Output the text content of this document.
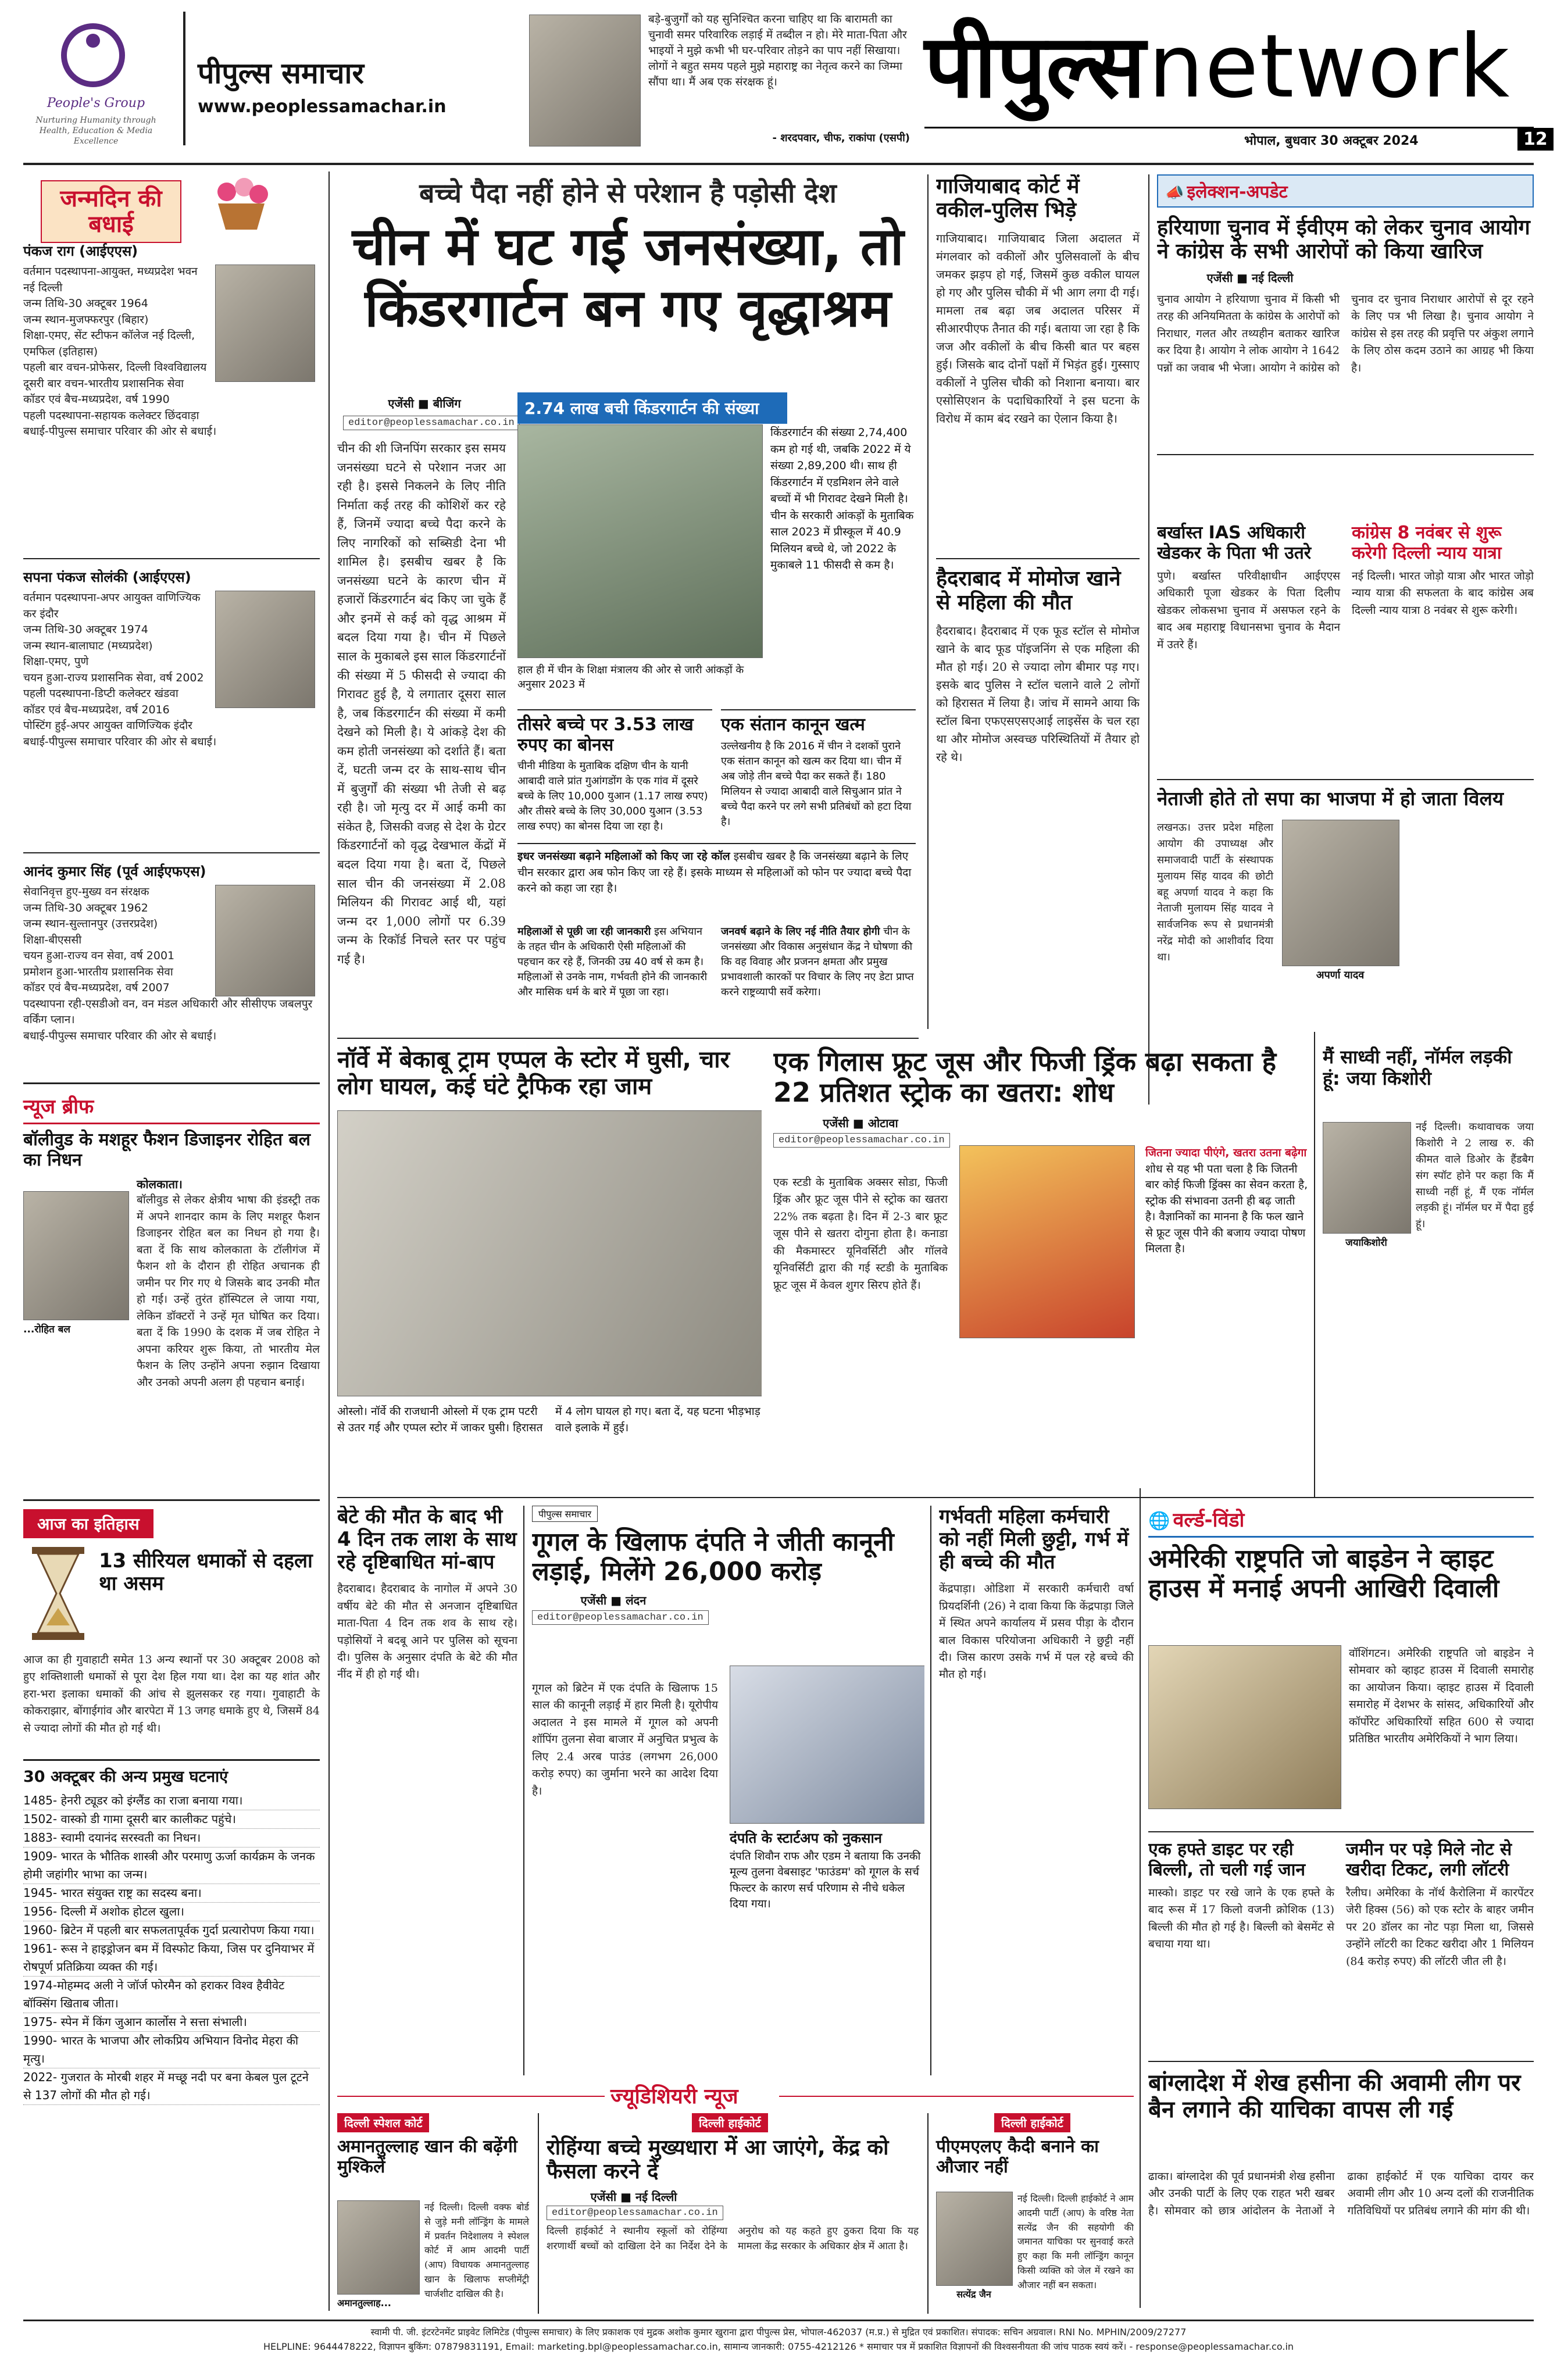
People's Group
Nurturing Humanity through Health, Education & Media Excellence
पीपुल्स समाचार
www.peoplessamachar.in
बड़े-बुजुर्गों को यह सुनिश्चित करना चाहिए था कि बारामती का चुनावी समर परिवारिक लड़ाई में तब्दील न हो। मेरे माता-पिता और भाइयों ने मुझे कभी भी घर-परिवार तोड़ने का पाप नहीं सिखाया। लोगों ने बहुत समय पहले मुझे महाराष्ट्र का नेतृत्व करने का जिम्मा सौंपा था। मैं अब एक संरक्षक हूं।
- शरदपवार, चीफ, राकांपा (एसपी)
पीपुल्स network
भोपाल, बुधवार 30 अक्टूबर 2024	12
जन्मदिन की बधाई
पंकज राग (आईएएस)
वर्तमान पदस्थापना-आयुक्त, मध्यप्रदेश भवन नई दिल्ली
जन्म तिथि-30 अक्टूबर 1964
जन्म स्थान-मुजफ्फरपुर (बिहार)
शिक्षा-एमए, सेंट स्टीफन कॉलेज नई दिल्ली, एमफिल (इतिहास)
पहली बार वचन-प्रोफेसर, दिल्ली विश्वविद्यालय
दूसरी बार वचन-भारतीय प्रशासनिक सेवा
कॉडर एवं बैच-मध्यप्रदेश, वर्ष 1990
पहली पदस्थापना-सहायक कलेक्टर छिंदवाड़ा
बधाई-पीपुल्स समाचार परिवार की ओर से बधाई।
सपना पंकज सोलंकी (आईएएस)
वर्तमान पदस्थापना-अपर आयुक्त वाणिज्यिक कर इंदौर
जन्म तिथि-30 अक्टूबर 1974
जन्म स्थान-बालाघाट (मध्यप्रदेश)
शिक्षा-एमए, पुणे
चयन हुआ-राज्य प्रशासनिक सेवा, वर्ष 2002
पहली पदस्थापना-डिप्टी कलेक्टर खंडवा
कॉडर एवं बैच-मध्यप्रदेश, वर्ष 2016
पोस्टिंग हुई-अपर आयुक्त वाणिज्यिक इंदौर
बधाई-पीपुल्स समाचार परिवार की ओर से बधाई।
आनंद कुमार सिंह (पूर्व आईएफएस)
सेवानिवृत्त हुए-मुख्य वन संरक्षक
जन्म तिथि-30 अक्टूबर 1962
जन्म स्थान-सुल्तानपुर (उत्तरप्रदेश)
शिक्षा-बीएससी
चयन हुआ-राज्य वन सेवा, वर्ष 2001
प्रमोशन हुआ-भारतीय प्रशासनिक सेवा
कॉडर एवं बैच-मध्यप्रदेश, वर्ष 2007
पदस्थापना रही-एसडीओ वन, वन मंडल अधिकारी और सीसीएफ जबलपुर वर्किंग प्लान।
बधाई-पीपुल्स समाचार परिवार की ओर से बधाई।
न्यूज ब्रीफ
बॉलीवुड के मशहूर फैशन डिजाइनर रोहित बल का निधन
...रोहित बल
कोलकाता।
बॉलीवुड से लेकर क्षेत्रीय भाषा की इंडस्ट्री तक में अपने शानदार काम के लिए मशहूर फैशन डिजाइनर रोहित बल का निधन हो गया है। बता दें कि साथ कोलकाता के टॉलीगंज में फैशन शो के दौरान ही रोहित अचानक ही जमीन पर गिर गए थे जिसके बाद उनकी मौत हो गई। उन्हें तुरंत हॉस्पिटल ले जाया गया, लेकिन डॉक्टरों ने उन्हें मृत घोषित कर दिया। बता दें कि 1990 के दशक में जब रोहित ने अपना करियर शुरू किया, तो भारतीय मेल फैशन के लिए उन्होंने अपना रुझान दिखाया और उनको अपनी अलग ही पहचान बनाई।
आज का इतिहास
13 सीरियल धमाकों से दहला था असम
आज का ही गुवाहाटी समेत 13 अन्य स्थानों पर 30 अक्टूबर 2008 को हुए शक्तिशाली धमाकों से पूरा देश हिल गया था। देश का यह शांत और हरा-भरा इलाका धमाकों की आंच से झुलसकर रह गया। गुवाहाटी के कोकराझार, बोंगाईगांव और बारपेटा में 13 जगह धमाके हुए थे, जिसमें 84 से ज्यादा लोगों की मौत हो गई थी।
30 अक्टूबर की अन्य प्रमुख घटनाएं
1485- हेनरी ट्यूडर को इंग्लैंड का राजा बनाया गया।
1502- वास्को डी गामा दूसरी बार कालीकट पहुंचे।
1883- स्वामी दयानंद सरस्वती का निधन।
1909- भारत के भौतिक शास्त्री और परमाणु ऊर्जा कार्यक्रम के जनक होमी जहांगीर भाभा का जन्म।
1945- भारत संयुक्त राष्ट्र का सदस्य बना।
1956- दिल्ली में अशोक होटल खुला।
1960- ब्रिटेन में पहली बार सफलतापूर्वक गुर्दा प्रत्यारोपण किया गया।
1961- रूस ने हाइड्रोजन बम में विस्फोट किया, जिस पर दुनियाभर में रोषपूर्ण प्रतिक्रिया व्यक्त की गई।
1974-मोहम्मद अली ने जॉर्ज फोरमैन को हराकर विश्व हैवीवेट बॉक्सिंग खिताब जीता।
1975- स्पेन में किंग जुआन कार्लोस ने सत्ता संभाली।
1990- भारत के भाजपा और लोकप्रिय अभियान विनोद मेहरा की मृत्यु।
2022- गुजरात के मोरबी शहर में मच्छू नदी पर बना केबल पुल टूटने से 137 लोगों की मौत हो गई।
बच्चे पैदा नहीं होने से परेशान है पड़ोसी देश
चीन में घट गई जनसंख्या, तो किंडरगार्टन बन गए वृद्धाश्रम
एजेंसी ■ बीजिंग
editor@peoplessamachar.co.in
चीन की शी जिनपिंग सरकार इस समय जनसंख्या घटने से परेशान नजर आ रही है। इससे निकलने के लिए नीति निर्माता कई तरह की कोशिशें कर रहे हैं, जिनमें ज्यादा बच्चे पैदा करने के लिए नागरिकों को सब्सिडी देना भी शामिल है। इसबीच खबर है कि जनसंख्या घटने के कारण चीन में हजारों किंडरगार्टन बंद किए जा चुके हैं और इनमें से कई को वृद्ध आश्रम में बदल दिया गया है। चीन में पिछले साल के मुकाबले इस साल किंडरगार्टनों की संख्या में 5 फीसदी से ज्यादा की गिरावट हुई है, ये लगातार दूसरा साल है, जब किंडरगार्टन की संख्या में कमी देखने को मिली है। ये आंकड़े देश की कम होती जनसंख्या को दर्शाते हैं। बता दें, घटती जन्म दर के साथ-साथ चीन में बुजुर्गों की संख्या भी तेजी से बढ़ रही है। जो मृत्यु दर में आई कमी का संकेत है, जिसकी वजह से देश के ग्रेटर किंडरगार्टनों को वृद्ध देखभाल केंद्रों में बदल दिया गया है। बता दें, पिछले साल चीन की जनसंख्या में 2.08 मिलियन की गिरावट आई थी, यहां जन्म दर 1,000 लोगों पर 6.39 जन्म के रिकॉर्ड निचले स्तर पर पहुंच गई है।
2.74 लाख बची किंडरगार्टन की संख्या
किंडरगार्टन की संख्या 2,74,400 कम हो गई थी, जबकि 2022 में ये संख्या 2,89,200 थी। साथ ही किंडरगार्टन में एडमिशन लेने वाले बच्चों में भी गिरावट देखने मिली है। चीन के सरकारी आंकड़ों के मुताबिक साल 2023 में प्रीस्कूल में 40.9 मिलियन बच्चे थे, जो 2022 के मुकाबले 11 फीसदी से कम है।
हाल ही में चीन के शिक्षा मंत्रालय की ओर से जारी आंकड़ों के अनुसार 2023 में
तीसरे बच्चे पर 3.53 लाख रुपए का बोनस
चीनी मीडिया के मुताबिक दक्षिण चीन के यानी आबादी वाले प्रांत गुआंगडोंग के एक गांव में दूसरे बच्चे के लिए 10,000 युआन (1.17 लाख रुपए) और तीसरे बच्चे के लिए 30,000 युआन (3.53 लाख रुपए) का बोनस दिया जा रहा है।
एक संतान कानून खत्म
उल्लेखनीय है कि 2016 में चीन ने दशकों पुराने एक संतान कानून को खत्म कर दिया था। चीन में अब जोड़े तीन बच्चे पैदा कर सकते हैं। 180 मिलियन से ज्यादा आबादी वाले सिचुआन प्रांत ने बच्चे पैदा करने पर लगे सभी प्रतिबंधों को हटा दिया है।
इधर जनसंख्या बढ़ाने महिलाओं को किए जा रहे कॉल इसबीच खबर है कि जनसंख्या बढ़ाने के लिए चीन सरकार द्वारा अब फोन किए जा रहे हैं। इसके माध्यम से महिलाओं को फोन पर ज्यादा बच्चे पैदा करने को कहा जा रहा है।
महिलाओं से पूछी जा रही जानकारी इस अभियान के तहत चीन के अधिकारी ऐसी महिलाओं की पहचान कर रहे हैं, जिनकी उम्र 40 वर्ष से कम है। महिलाओं से उनके नाम, गर्भवती होने की जानकारी और मासिक धर्म के बारे में पूछा जा रहा।
जनवर्ष बढ़ाने के लिए नई नीति तैयार होगी चीन के जनसंख्या और विकास अनुसंधान केंद्र ने घोषणा की कि वह विवाह और प्रजनन क्षमता और प्रमुख प्रभावशाली कारकों पर विचार के लिए नए डेटा प्राप्त करने राष्ट्रव्यापी सर्वे करेगा।
गाजियाबाद कोर्ट में वकील-पुलिस भिड़े
गाजियाबाद। गाजियाबाद जिला अदालत में मंगलवार को वकीलों और पुलिसवालों के बीच जमकर झड़प हो गई, जिसमें कुछ वकील घायल हो गए और पुलिस चौकी में भी आग लगा दी गई। मामला तब बढ़ा जब अदालत परिसर में सीआरपीएफ तैनात की गई। बताया जा रहा है कि जज और वकीलों के बीच किसी बात पर बहस हुई। जिसके बाद दोनों पक्षों में भिड़ंत हुई। गुस्साए वकीलों ने पुलिस चौकी को निशाना बनाया। बार एसोसिएशन के पदाधिकारियों ने इस घटना के विरोध में काम बंद रखने का ऐलान किया है।
हैदराबाद में मोमोज खाने से महिला की मौत
हैदराबाद। हैदराबाद में एक फूड स्टॉल से मोमोज खाने के बाद फूड पॉइजनिंग से एक महिला की मौत हो गई। 20 से ज्यादा लोग बीमार पड़ गए। इसके बाद पुलिस ने स्टॉल चलाने वाले 2 लोगों को हिरासत में लिया है। जांच में सामने आया कि स्टॉल बिना एफएसएसएआई लाइसेंस के चल रहा था और मोमोज अस्वच्छ परिस्थितियों में तैयार हो रहे थे।
📣 इलेक्शन-अपडेट
हरियाणा चुनाव में ईवीएम को लेकर चुनाव आयोग ने कांग्रेस के सभी आरोपों को किया खारिज
एजेंसी ■ नई दिल्ली
चुनाव आयोग ने हरियाणा चुनाव में किसी भी तरह की अनियमितता के कांग्रेस के आरोपों को निराधार, गलत और तथ्यहीन बताकर खारिज कर दिया है। आयोग ने लोक आयोग ने 1642 पन्नों का जवाब भी भेजा। आयोग ने कांग्रेस को चुनाव दर चुनाव निराधार आरोपों से दूर रहने के लिए पत्र भी लिखा है। चुनाव आयोग ने कांग्रेस से इस तरह की प्रवृत्ति पर अंकुश लगाने के लिए ठोस कदम उठाने का आग्रह भी किया है।
बर्खास्त IAS अधिकारी खेडकर के पिता भी उतरे
पुणे। बर्खास्त परिवीक्षाधीन आईएएस अधिकारी पूजा खेडकर के पिता दिलीप खेडकर लोकसभा चुनाव में असफल रहने के बाद अब महाराष्ट्र विधानसभा चुनाव के मैदान में उतरे हैं।
कांग्रेस 8 नवंबर से शुरू करेगी दिल्ली न्याय यात्रा
नई दिल्ली। भारत जोड़ो यात्रा और भारत जोड़ो न्याय यात्रा की सफलता के बाद कांग्रेस अब दिल्ली न्याय यात्रा 8 नवंबर से शुरू करेगी।
नेताजी होते तो सपा का भाजपा में हो जाता विलय
लखनऊ। उत्तर प्रदेश महिला आयोग की उपाध्यक्ष और समाजवादी पार्टी के संस्थापक मुलायम सिंह यादव की छोटी बहू अपर्णा यादव ने कहा कि नेताजी मुलायम सिंह यादव ने सार्वजनिक रूप से प्रधानमंत्री नरेंद्र मोदी को आशीर्वाद दिया था।
अपर्णा यादव
नॉर्वे में बेकाबू ट्राम एप्पल के स्टोर में घुसी, चार लोग घायल, कई घंटे ट्रैफिक रहा जाम
ओस्लो। नॉर्वे की राजधानी ओस्लो में एक ट्राम पटरी से उतर गई और एप्पल स्टोर में जाकर घुसी। हिरासत में 4 लोग घायल हो गए। बता दें, यह घटना भीड़भाड़ वाले इलाके में हुई।
एक गिलास फ्रूट जूस और फिजी ड्रिंक बढ़ा सकता है 22 प्रतिशत स्ट्रोक का खतरा: शोध
एजेंसी ■ ओटावा
editor@peoplessamachar.co.in
एक स्टडी के मुताबिक अक्सर सोडा, फिजी ड्रिंक और फ्रूट जूस पीने से स्ट्रोक का खतरा 22% तक बढ़ता है। दिन में 2-3 बार फ्रूट जूस पीने से खतरा दोगुना होता है। कनाडा की मैकमास्टर यूनिवर्सिटी और गॉलवे यूनिवर्सिटी द्वारा की गई स्टडी के मुताबिक फ्रूट जूस में केवल शुगर सिरप होते हैं।
जितना ज्यादा पीएंगे, खतरा उतना बढ़ेगा शोध से यह भी पता चला है कि जितनी बार कोई फिजी ड्रिंक्स का सेवन करता है, स्ट्रोक की संभावना उतनी ही बढ़ जाती है। वैज्ञानिकों का मानना है कि फल खाने से फ्रूट जूस पीने की बजाय ज्यादा पोषण मिलता है।
मैं साध्वी नहीं, नॉर्मल लड़की हूं: जया किशोरी
जयाकिशोरी
नई दिल्ली। कथावाचक जया किशोरी ने 2 लाख रु. की कीमत वाले डिओर के हैंडबैग संग स्पॉट होने पर कहा कि मैं साध्वी नहीं हूं, मैं एक नॉर्मल लड़की हूं। नॉर्मल घर में पैदा हुई हूं।
बेटे की मौत के बाद भी 4 दिन तक लाश के साथ रहे दृष्टिबाधित मां-बाप
हैदराबाद। हैदराबाद के नागोल में अपने 30 वर्षीय बेटे की मौत से अनजान दृष्टिबाधित माता-पिता 4 दिन तक शव के साथ रहे। पड़ोसियों ने बदबू आने पर पुलिस को सूचना दी। पुलिस के अनुसार दंपति के बेटे की मौत नींद में ही हो गई थी।
पीपुल्स समाचार
गूगल के खिलाफ दंपति ने जीती कानूनी लड़ाई, मिलेंगे 26,000 करोड़
एजेंसी ■ लंदन
editor@peoplessamachar.co.in
गूगल को ब्रिटेन में एक दंपति के खिलाफ 15 साल की कानूनी लड़ाई में हार मिली है। यूरोपीय अदालत ने इस मामले में गूगल को अपनी शॉपिंग तुलना सेवा बाजार में अनुचित प्रभुत्व के लिए 2.4 अरब पाउंड (लगभग 26,000 करोड़ रुपए) का जुर्माना भरने का आदेश दिया है।
दंपति के स्टार्टअप को नुकसान
दंपति शिवौन राफ और एडम ने बताया कि उनकी मूल्य तुलना वेबसाइट 'फाउंडम' को गूगल के सर्च फिल्टर के कारण सर्च परिणाम से नीचे धकेल दिया गया।
गर्भवती महिला कर्मचारी को नहीं मिली छुट्टी, गर्भ में ही बच्चे की मौत
केंद्रपाड़ा। ओडिशा में सरकारी कर्मचारी वर्षा प्रियदर्शिनी (26) ने दावा किया कि केंद्रपाड़ा जिले में स्थित अपने कार्यालय में प्रसव पीड़ा के दौरान बाल विकास परियोजना अधिकारी ने छुट्टी नहीं दी। जिस कारण उसके गर्भ में पल रहे बच्चे की मौत हो गई।
🌐 वर्ल्ड-विंडो
अमेरिकी राष्ट्रपति जो बाइडेन ने व्हाइट हाउस में मनाई अपनी आखिरी दिवाली
वॉशिंगटन। अमेरिकी राष्ट्रपति जो बाइडेन ने सोमवार को व्हाइट हाउस में दिवाली समारोह का आयोजन किया। व्हाइट हाउस में दिवाली समारोह में देशभर के सांसद, अधिकारियों और कॉर्पोरेट अधिकारियों सहित 600 से ज्यादा प्रतिष्ठित भारतीय अमेरिकियों ने भाग लिया।
एक हफ्ते डाइट पर रही बिल्ली, तो चली गई जान
मास्को। डाइट पर रखे जाने के एक हफ्ते के बाद रूस में 17 किलो वजनी क्रोशिक (13) बिल्ली की मौत हो गई है। बिल्ली को बेसमेंट से बचाया गया था।
जमीन पर पड़े मिले नोट से खरीदा टिकट, लगी लॉटरी
रैलीघ। अमेरिका के नॉर्थ कैरोलिना में कारपेंटर जेरी हिक्स (56) को एक स्टोर के बाहर जमीन पर 20 डॉलर का नोट पड़ा मिला था, जिससे उन्होंने लॉटरी का टिकट खरीदा और 1 मिलियन (84 करोड़ रुपए) की लॉटरी जीत ली है।
बांग्लादेश में शेख हसीना की अवामी लीग पर बैन लगाने की याचिका वापस ली गई
ढाका। बांग्लादेश की पूर्व प्रधानमंत्री शेख हसीना और उनकी पार्टी के लिए एक राहत भरी खबर है। सोमवार को छात्र आंदोलन के नेताओं ने ढाका हाईकोर्ट में एक याचिका दायर कर अवामी लीग और 10 अन्य दलों की राजनीतिक गतिविधियों पर प्रतिबंध लगाने की मांग की थी।
ज्यूडिशियरी न्यूज
दिल्ली स्पेशल कोर्ट
अमानतुल्लाह खान की बढ़ेंगी मुश्किलें
अमानतुल्लाह...
नई दिल्ली। दिल्ली वक्फ बोर्ड से जुड़े मनी लॉन्ड्रिंग के मामले में प्रवर्तन निदेशालय ने स्पेशल कोर्ट में आम आदमी पार्टी (आप) विधायक अमानतुल्लाह खान के खिलाफ सप्लीमेंट्री चार्जशीट दाखिल की है।
दिल्ली हाईकोर्ट
रोहिंग्या बच्चे मुख्यधारा में आ जाएंगे, केंद्र को फैसला करने दें
एजेंसी ■ नई दिल्ली
editor@peoplessamachar.co.in
दिल्ली हाईकोर्ट ने स्थानीय स्कूलों को रोहिंग्या शरणार्थी बच्चों को दाखिला देने का निर्देश देने के अनुरोध को यह कहते हुए ठुकरा दिया कि यह मामला केंद्र सरकार के अधिकार क्षेत्र में आता है।
दिल्ली हाईकोर्ट
पीएमएलए कैदी बनाने का औजार नहीं
सत्येंद्र जैन
नई दिल्ली। दिल्ली हाईकोर्ट ने आम आदमी पार्टी (आप) के वरिष्ठ नेता सत्येंद्र जैन की सहयोगी की जमानत याचिका पर सुनवाई करते हुए कहा कि मनी लॉन्ड्रिंग कानून किसी व्यक्ति को जेल में रखने का औजार नहीं बन सकता।
स्वामी पी. जी. इंटरटेनमेंट प्राइवेट लिमिटेड (पीपुल्स समाचार) के लिए प्रकाशक एवं मुद्रक अशोक कुमार खुराना द्वारा पीपुल्स प्रेस, भोपाल-462037 (म.प्र.) से मुद्रित एवं प्रकाशित। संपादक: सचिन अग्रवाल। RNI No. MPHIN/2009/27277
HELPLINE: 9644478222, विज्ञापन बुकिंग: 07879831191, Email: marketing.bpl@peoplessamachar.co.in, सामान्य जानकारी: 0755-4212126 * समाचार पत्र में प्रकाशित विज्ञापनों की विश्वसनीयता की जांच पाठक स्वयं करें। - response@peoplessamachar.co.in
